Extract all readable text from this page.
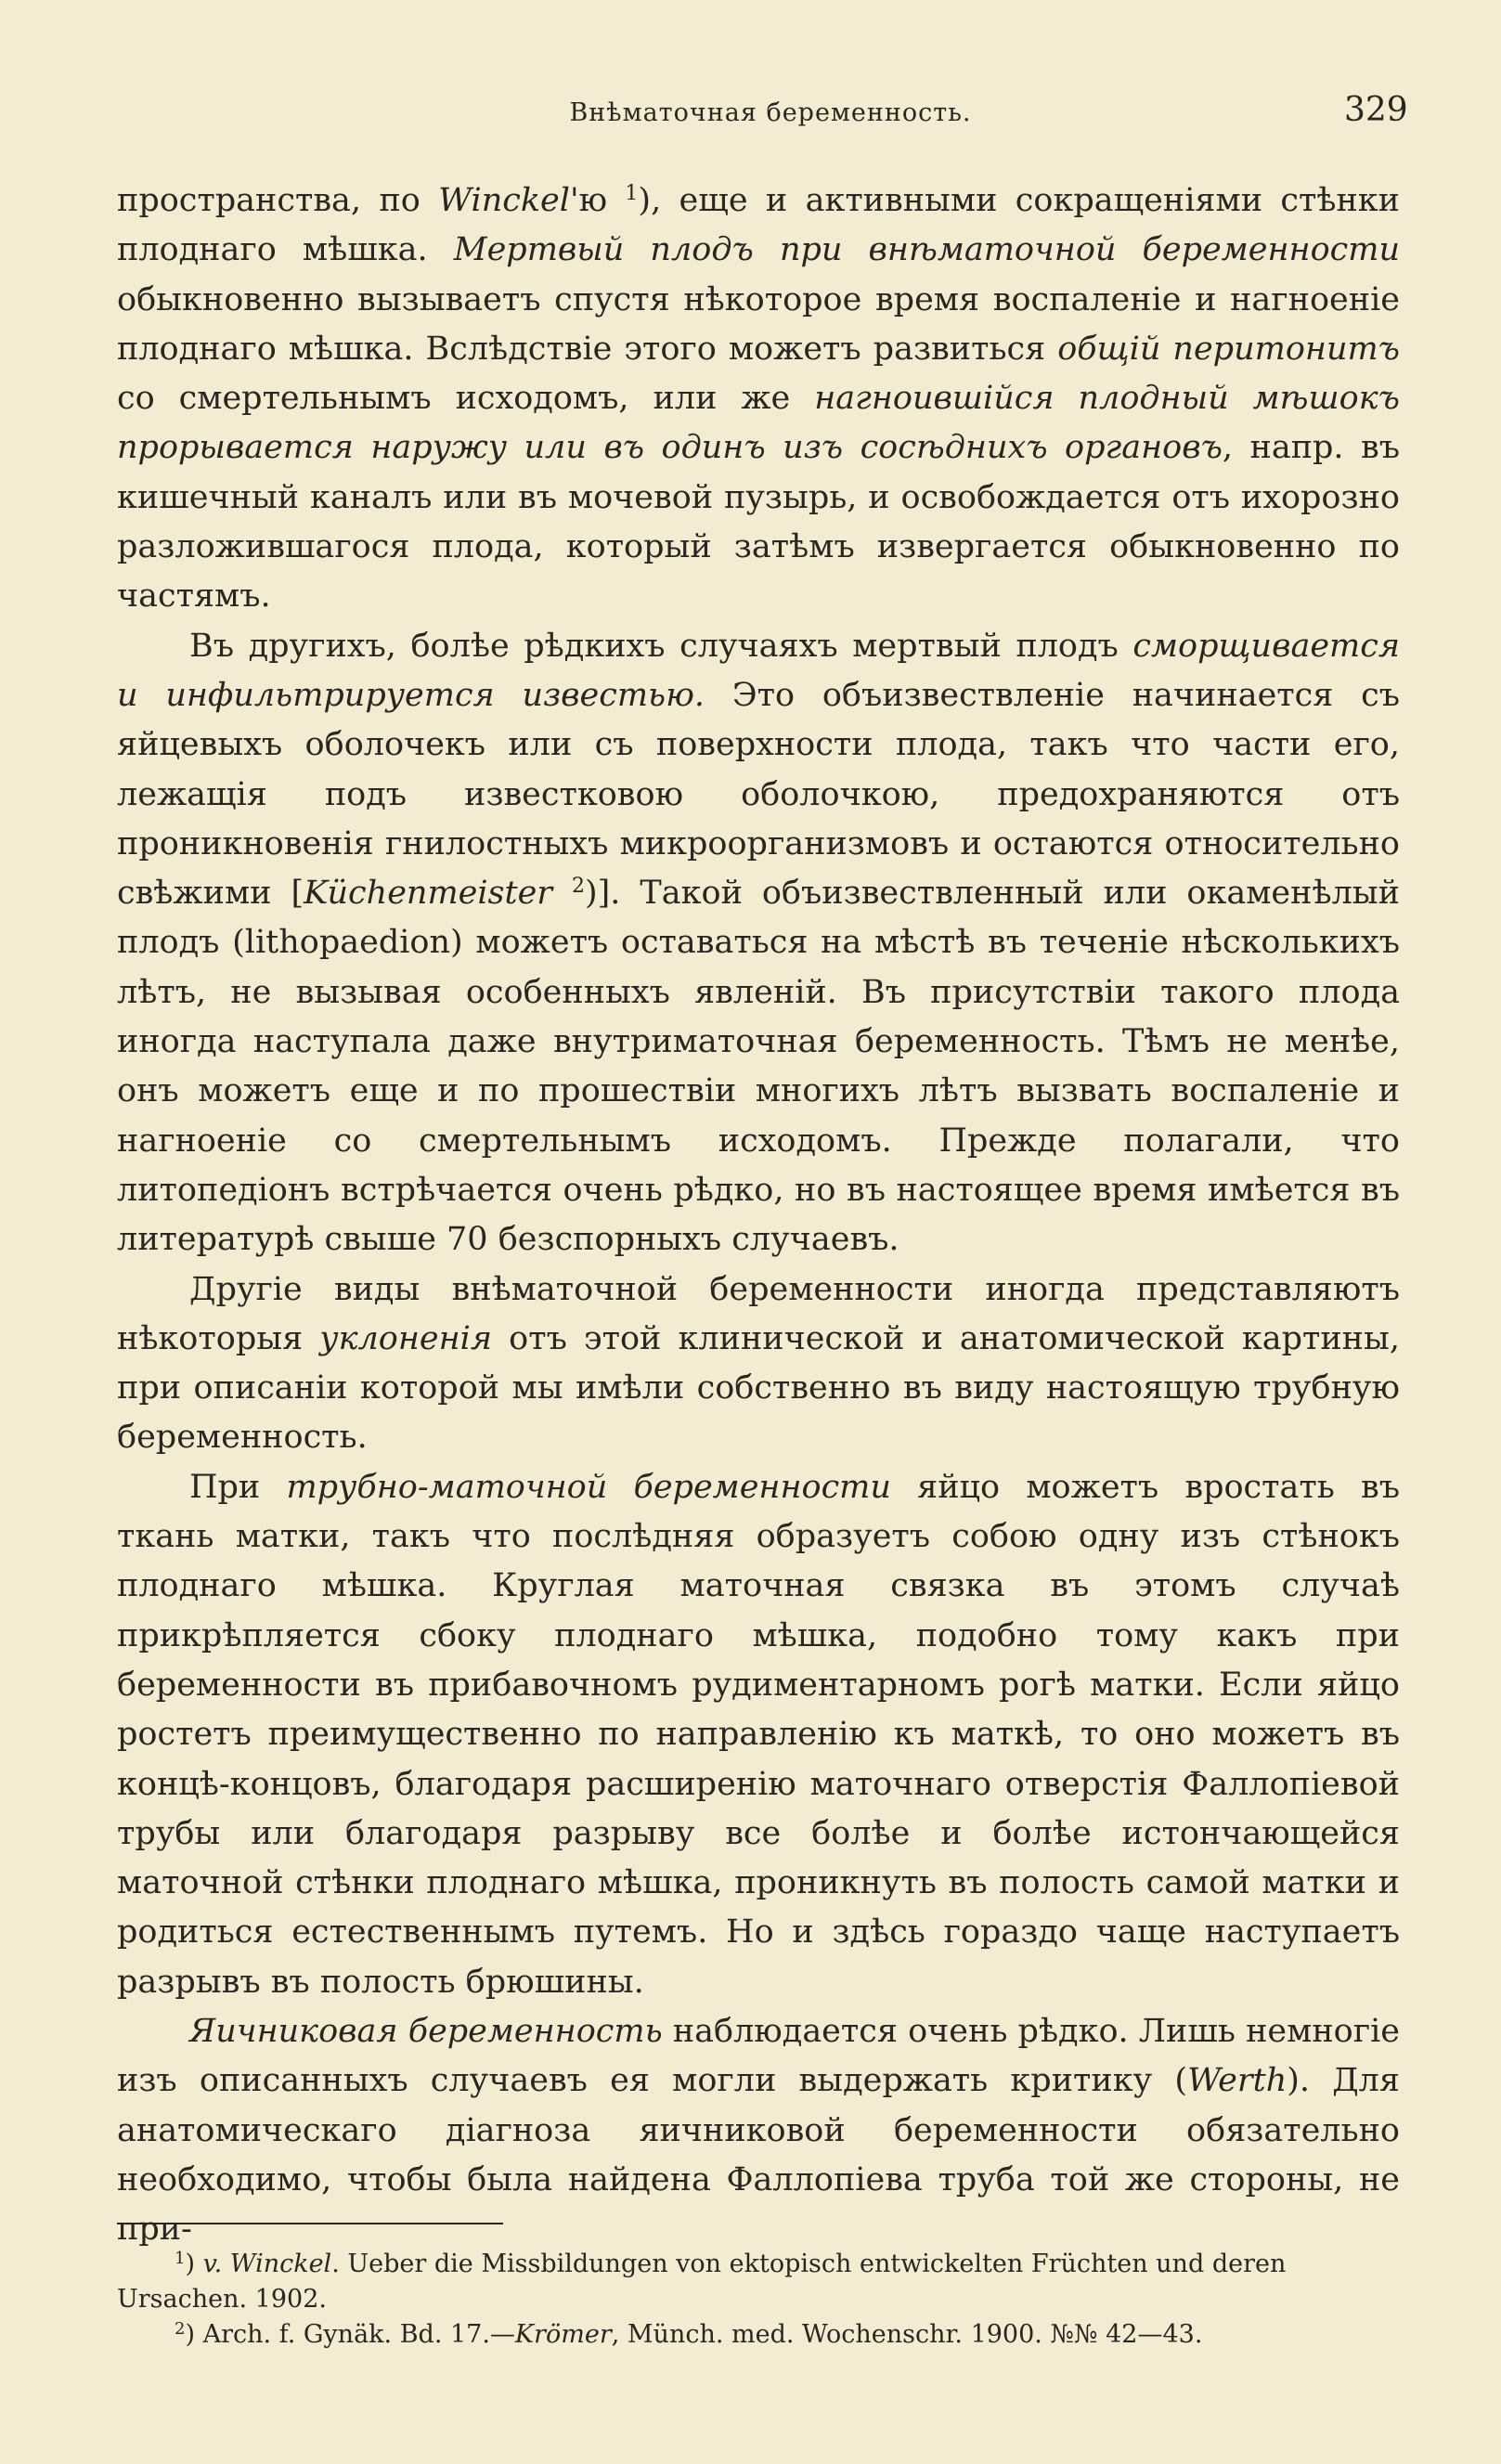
Внѣматочная беременность.	329

пространства, по Winckel'ю $^1$), еще и активными сокращеніями стѣнки плоднаго мѣшка. Мертвый плодъ при внѣматочной беременности обыкновенно вызываетъ спустя нѣкоторое время воспаленіе и нагноеніе плоднаго мѣшка. Вслѣдствіе этого можетъ развиться общій перитонитъ со смертельнымъ исходомъ, или же нагноившійся плодный мѣшокъ прорывается наружу или въ одинъ изъ сосѣднихъ органовъ, напр. въ кишечный каналъ или въ мочевой пузырь, и освобождается отъ ихорозно разложившагося плода, который затѣмъ извергается обыкновенно по частямъ.

Въ другихъ, болѣе рѣдкихъ случаяхъ мертвый плодъ сморщивается и инфильтрируется известью. Это объизвествленіе начинается съ яйцевыхъ оболочекъ или съ поверхности плода, такъ что части его, лежащія подъ известковою оболочкою, предохраняются отъ проникновенія гнилостныхъ микроорганизмовъ и остаются относительно свѣжими [Küchenmeister $^2$)]. Такой объизвествленный или окаменѣлый плодъ (lithopaedion) можетъ оставаться на мѣстѣ въ теченіе нѣсколькихъ лѣтъ, не вызывая особенныхъ явленій. Въ присутствіи такого плода иногда наступала даже внутриматочная беременность. Тѣмъ не менѣе, онъ можетъ еще и по прошествіи многихъ лѣтъ вызвать воспаленіе и нагноеніе со смертельнымъ исходомъ. Прежде полагали, что литопедіонъ встрѣчается очень рѣдко, но въ настоящее время имѣется въ литературѣ свыше 70 безспорныхъ случаевъ.

Другіе виды внѣматочной беременности иногда представляютъ нѣкоторыя уклоненія отъ этой клинической и анатомической картины, при описаніи которой мы имѣли собственно въ виду настоящую трубную беременность.

При трубно-маточной беременности яйцо можетъ вростать въ ткань матки, такъ что послѣдняя образуетъ собою одну изъ стѣнокъ плоднаго мѣшка. Круглая маточная связка въ этомъ случаѣ прикрѣпляется сбоку плоднаго мѣшка, подобно тому какъ при беременности въ прибавочномъ рудиментарномъ рогѣ матки. Если яйцо ростетъ преимущественно по направленію къ маткѣ, то оно можетъ въ концѣ-концовъ, благодаря расширенію маточнаго отверстія Фаллопіевой трубы или благодаря разрыву все болѣе и болѣе истончающейся маточной стѣнки плоднаго мѣшка, проникнуть въ полость самой матки и родиться естественнымъ путемъ. Но и здѣсь гораздо чаще наступаетъ разрывъ въ полость брюшины.

Яичниковая беременность наблюдается очень рѣдко. Лишь немногіе изъ описанныхъ случаевъ ея могли выдержать критику (Werth). Для анатомическаго діагноза яичниковой беременности обязательно необходимо, чтобы была найдена Фаллопіева труба той же стороны, не при-

$^1$) v. Winckel. Ueber die Missbildungen von ektopisch entwickelten Früchten und deren Ursachen. 1902.

$^2$) Arch. f. Gynäk. Bd. 17.—Krömer, Münch. med. Wochenschr. 1900. №№ 42—43.
